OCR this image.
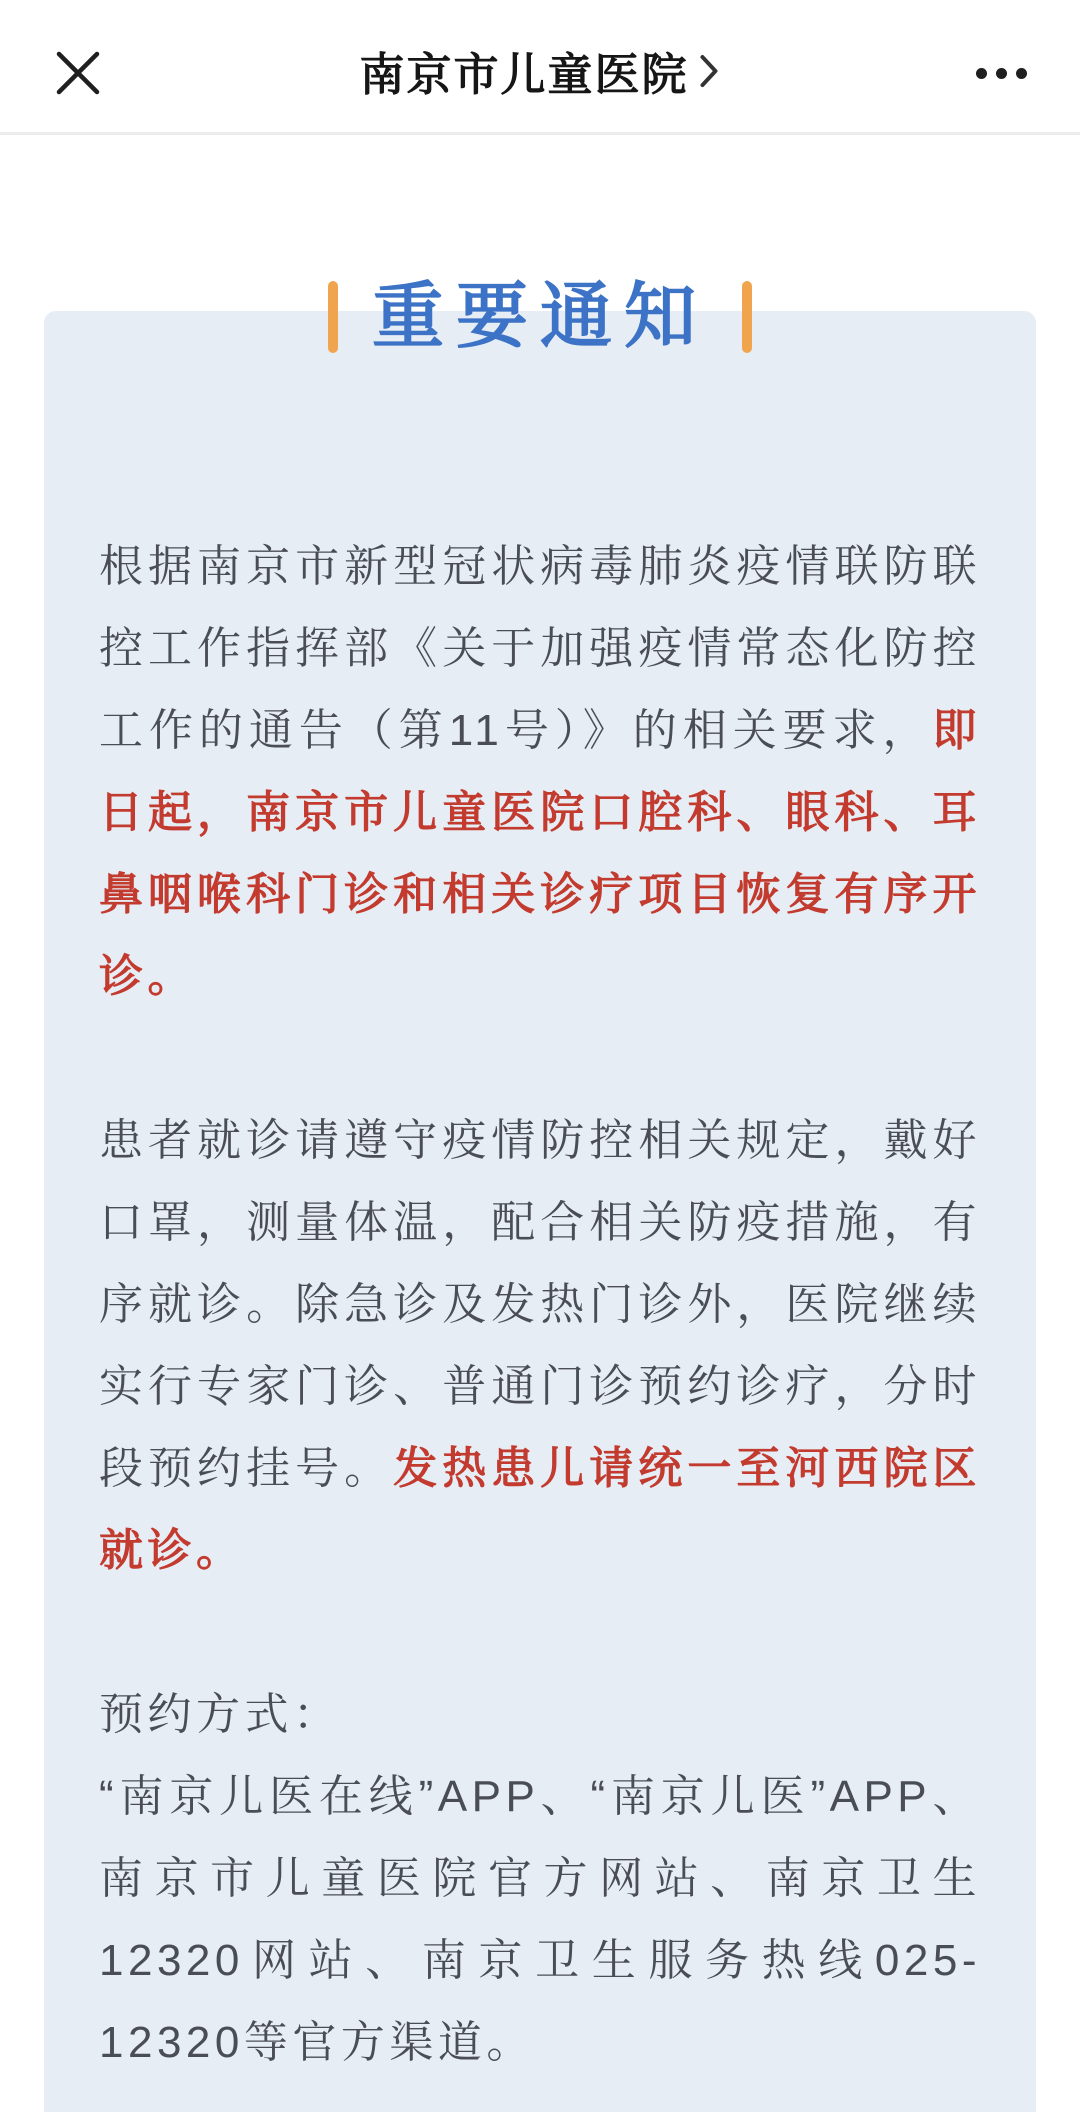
南京市儿童医院
重要通知

根据南京市新型冠状病毒肺炎疫情联防联控工作指挥部《关于加强疫情常态化防控工作的通告（第11号）》的相关要求，即日起，南京市儿童医院口腔科、眼科、耳鼻咽喉科门诊和相关诊疗项目恢复有序开诊。

患者就诊请遵守疫情防控相关规定，戴好口罩，测量体温，配合相关防疫措施，有序就诊。除急诊及发热门诊外，医院继续实行专家门诊、普通门诊预约诊疗，分时段预约挂号。发热患儿请统一至河西院区就诊。

预约方式：
“南京儿医在线”APP、“南京儿医”APP、南京市儿童医院官方网站、南京卫生12320网站、南京卫生服务热线025-12320等官方渠道。
